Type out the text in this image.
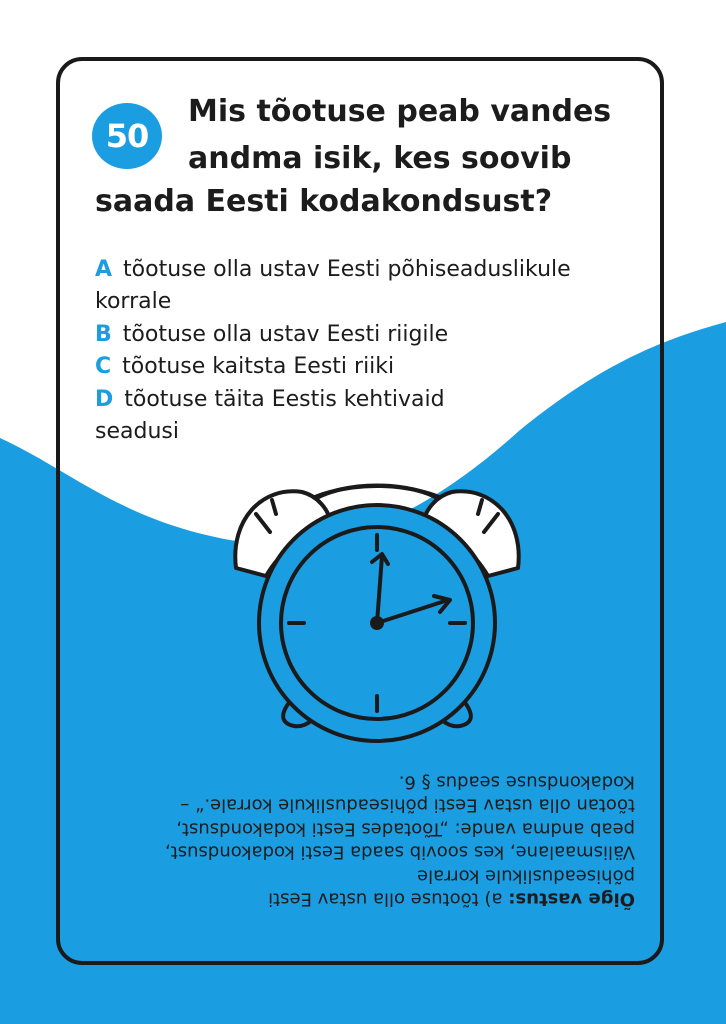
50
Mis tõotuse peab vandes
andma isik, kes soovib
saada Eesti kodakondsust?
A tõotuse olla ustav Eesti põhiseaduslikule
korrale
B tõotuse olla ustav Eesti riigile
C tõotuse kaitsta Eesti riiki
D tõotuse täita Eestis kehtivaid
seadusi
Õige vastus: a) tõotuse olla ustav Eesti
põhiseaduslikule korrale
Välismaalane, kes soovib saada Eesti kodakondsust,
peab andma vande: „Tõotades Eesti kodakondsust,
tõotan olla ustav Eesti põhiseaduslikule korrale.“ –
Kodakondsuse seadus § 6.
